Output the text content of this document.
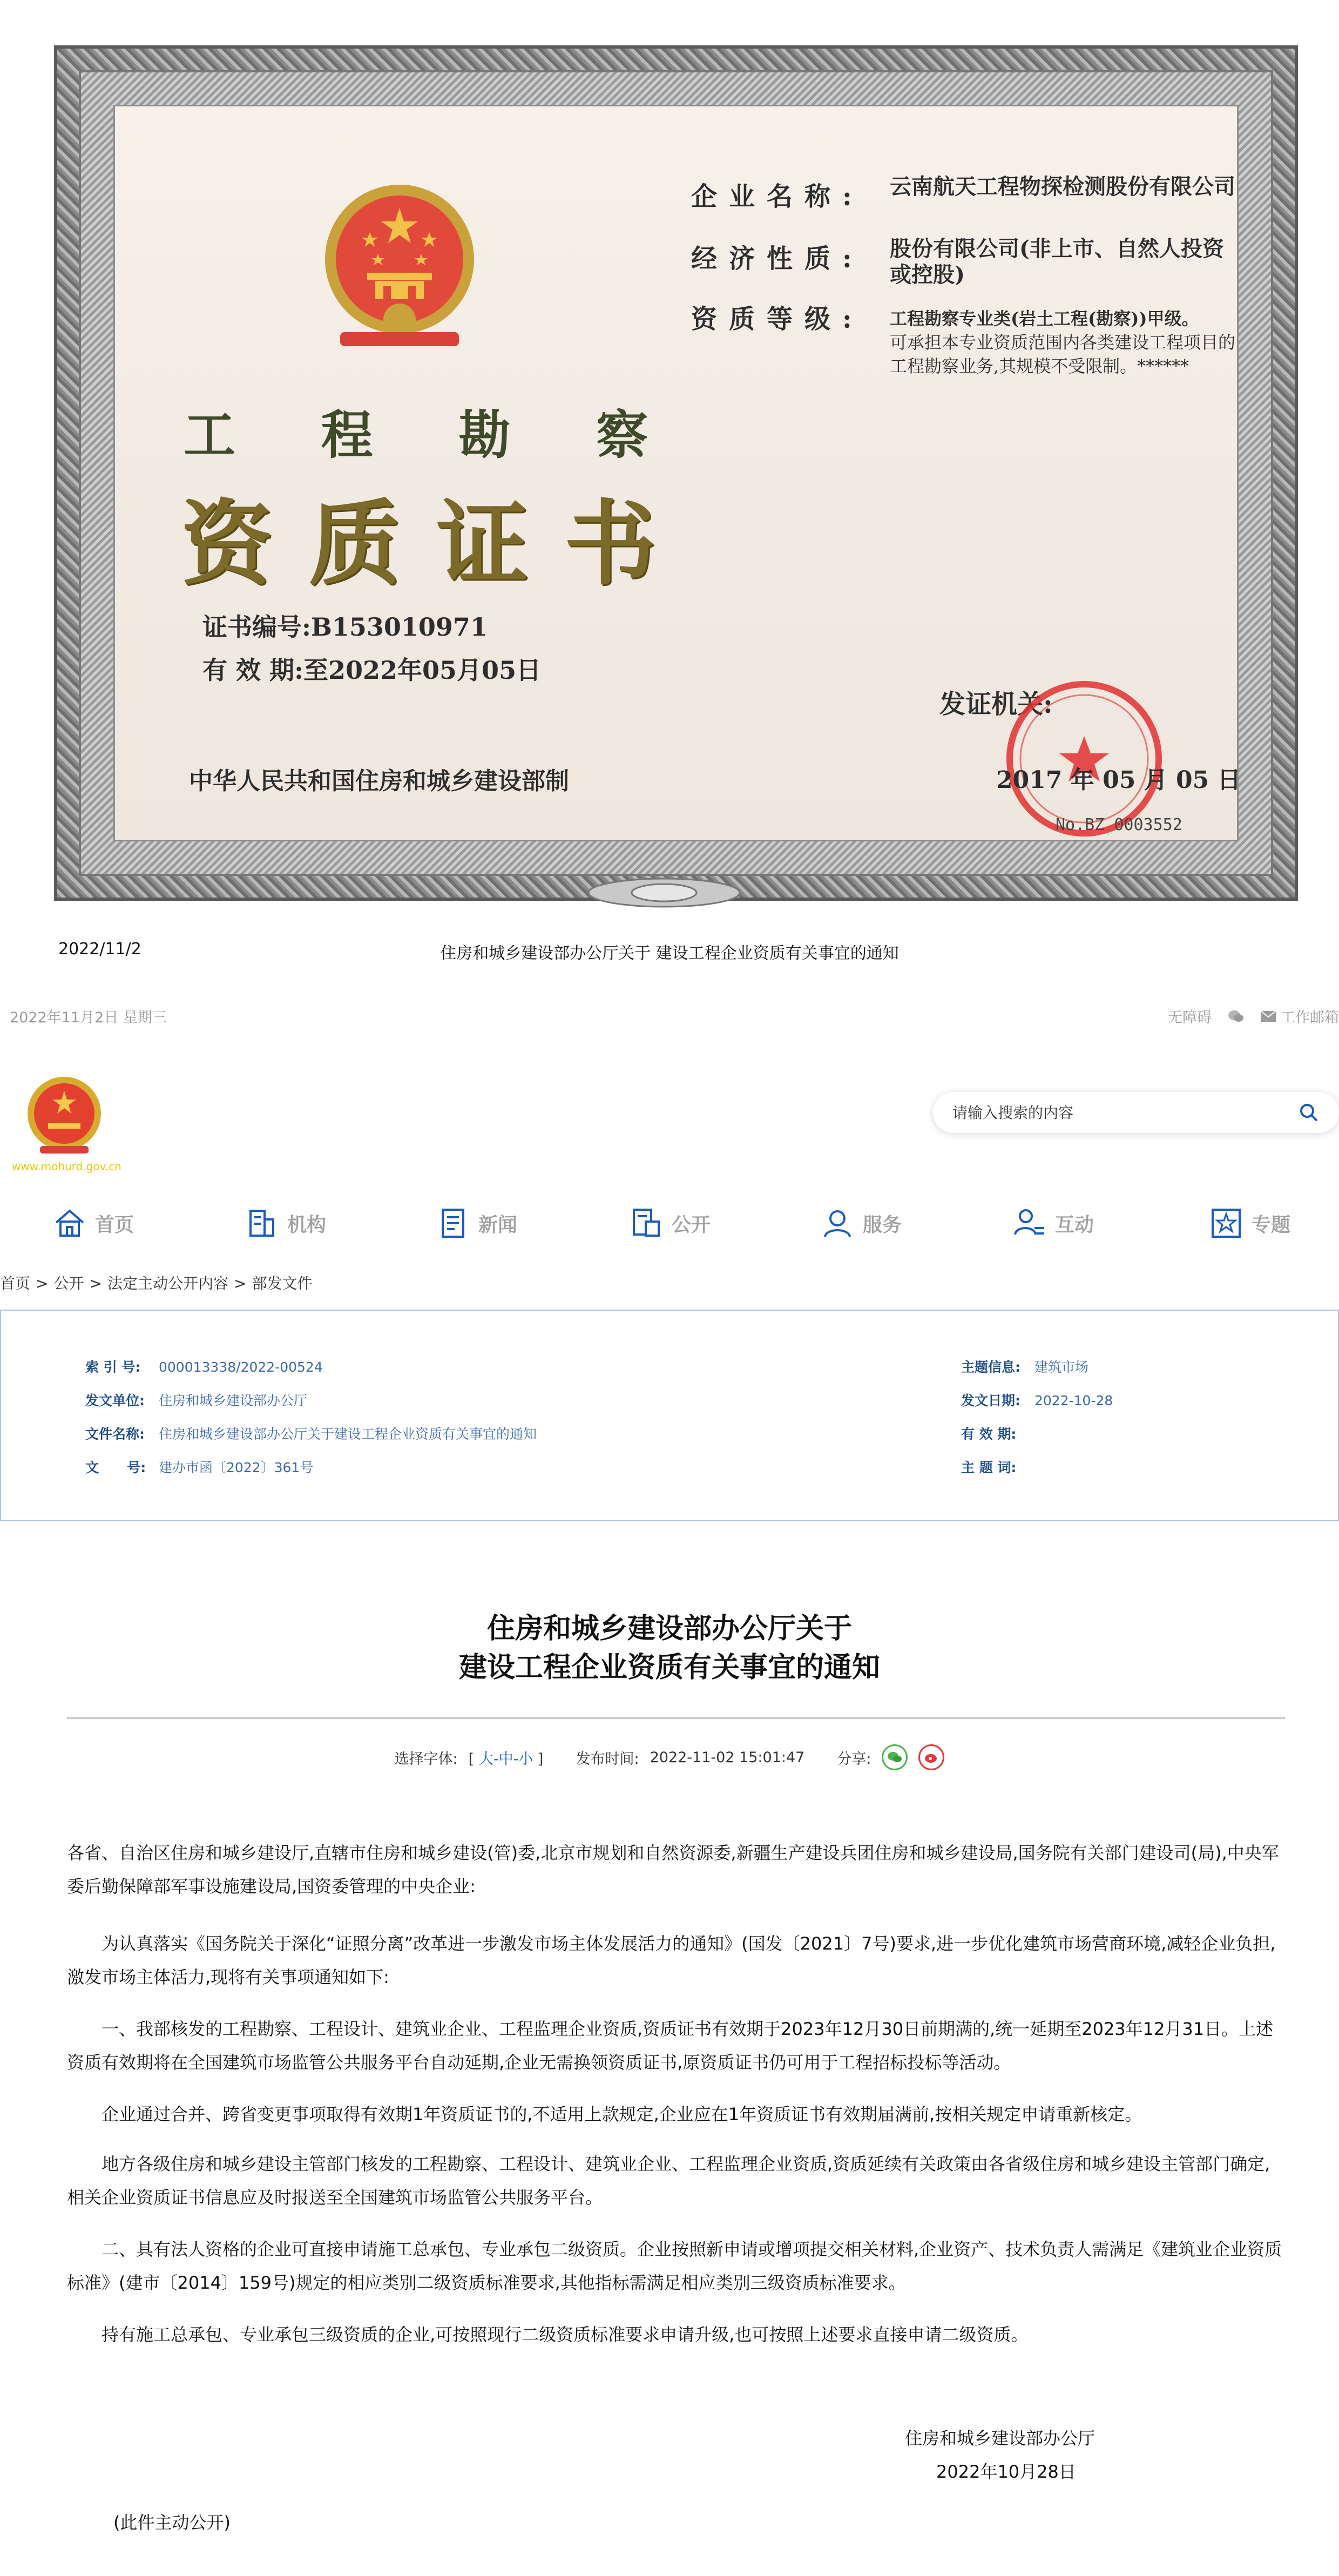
工 程 勘 察
资 质 证 书
证书编号:B153010971
有 效 期:至2022年05月05日
中华人民共和国住房和城乡建设部制
企业名称: 云南航天工程物探检测股份有限公司
经济性质: 股份有限公司(非上市、自然人投资或控股)
资质等级: 工程勘察专业类(岩土工程(勘察))甲级。
可承担本专业资质范围内各类建设工程项目的工程勘察业务,其规模不受限制。******
发证机关:
2017 年 05 月 05 日
No.BZ 0003552
2022/11/2	住房和城乡建设部办公厅关于 建设工程企业资质有关事宜的通知
2022年11月2日 星期三	无障碍	工作邮箱
www.mohurd.gov.cn
请输入搜索的内容
首页	机构	新闻	公开	服务	互动	专题
首页 > 公开 > 法定主动公开内容 > 部发文件
索 引 号: 000013338/2022-00524
发文单位: 住房和城乡建设部办公厅
文件名称: 住房和城乡建设部办公厅关于建设工程企业资质有关事宜的通知
文      号: 建办市函〔2022〕361号
主题信息: 建筑市场
发文日期: 2022-10-28
有 效 期:
主 题 词:
住房和城乡建设部办公厅关于
建设工程企业资质有关事宜的通知
选择字体: [ 大-中-小 ] 发布时间: 2022-11-02 15:01:47 分享:

各省、自治区住房和城乡建设厅,直辖市住房和城乡建设(管)委,北京市规划和自然资源委,新疆生产建设兵团住房和城乡建设局,国务院有关部门建设司(局),中央军委后勤保障部军事设施建设局,国资委管理的中央企业:

为认真落实《国务院关于深化“证照分离”改革进一步激发市场主体发展活力的通知》(国发〔2021〕7号)要求,进一步优化建筑市场营商环境,减轻企业负担,激发市场主体活力,现将有关事项通知如下:

一、我部核发的工程勘察、工程设计、建筑业企业、工程监理企业资质,资质证书有效期于2023年12月30日前期满的,统一延期至2023年12月31日。上述资质有效期将在全国建筑市场监管公共服务平台自动延期,企业无需换领资质证书,原资质证书仍可用于工程招标投标等活动。

企业通过合并、跨省变更事项取得有效期1年资质证书的,不适用上款规定,企业应在1年资质证书有效期届满前,按相关规定申请重新核定。

地方各级住房和城乡建设主管部门核发的工程勘察、工程设计、建筑业企业、工程监理企业资质,资质延续有关政策由各省级住房和城乡建设主管部门确定,相关企业资质证书信息应及时报送至全国建筑市场监管公共服务平台。

二、具有法人资格的企业可直接申请施工总承包、专业承包二级资质。企业按照新申请或增项提交相关材料,企业资产、技术负责人需满足《建筑业企业资质标准》(建市〔2014〕159号)规定的相应类别二级资质标准要求,其他指标需满足相应类别三级资质标准要求。

持有施工总承包、专业承包三级资质的企业,可按照现行二级资质标准要求申请升级,也可按照上述要求直接申请二级资质。

住房和城乡建设部办公厅
2022年10月28日
(此件主动公开)
